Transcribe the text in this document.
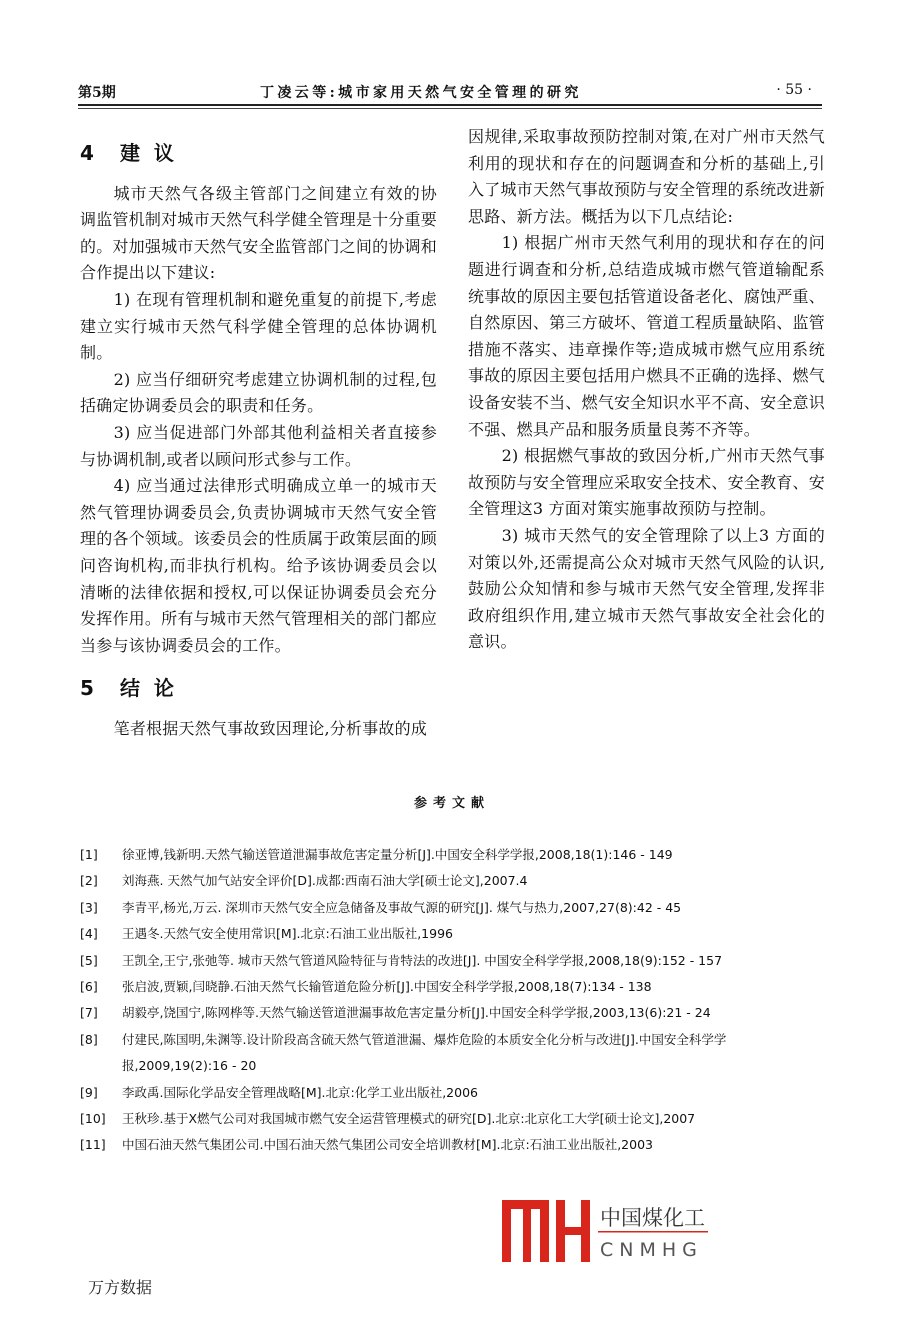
第5期	丁凌云等:城市家用天然气安全管理的研究	· 55 ·
4 建  议

城市天然气各级主管部门之间建立有效的协调监管机制对城市天然气科学健全管理是十分重要的。对加强城市天然气安全监管部门之间的协调和合作提出以下建议:

1) 在现有管理机制和避免重复的前提下,考虑建立实行城市天然气科学健全管理的总体协调机制。

2) 应当仔细研究考虑建立协调机制的过程,包括确定协调委员会的职责和任务。

3) 应当促进部门外部其他利益相关者直接参与协调机制,或者以顾问形式参与工作。

4) 应当通过法律形式明确成立单一的城市天然气管理协调委员会,负责协调城市天然气安全管理的各个领域。该委员会的性质属于政策层面的顾问咨询机构,而非执行机构。给予该协调委员会以清晰的法律依据和授权,可以保证协调委员会充分发挥作用。所有与城市天然气管理相关的部门都应当参与该协调委员会的工作。

5 结  论

笔者根据天然气事故致因理论,分析事故的成

因规律,采取事故预防控制对策,在对广州市天然气利用的现状和存在的问题调查和分析的基础上,引入了城市天然气事故预防与安全管理的系统改进新思路、新方法。概括为以下几点结论:

1) 根据广州市天然气利用的现状和存在的问题进行调查和分析,总结造成城市燃气管道输配系统事故的原因主要包括管道设备老化、腐蚀严重、自然原因、第三方破坏、管道工程质量缺陷、监管措施不落实、违章操作等;造成城市燃气应用系统事故的原因主要包括用户燃具不正确的选择、燃气设备安装不当、燃气安全知识水平不高、安全意识不强、燃具产品和服务质量良莠不齐等。

2) 根据燃气事故的致因分析,广州市天然气事故预防与安全管理应采取安全技术、安全教育、安全管理这3 方面对策实施事故预防与控制。

3) 城市天然气的安全管理除了以上3 方面的对策以外,还需提高公众对城市天然气风险的认识,鼓励公众知情和参与城市天然气安全管理,发挥非政府组织作用,建立城市天然气事故安全社会化的意识。

参考文献
[1]	徐亚博,钱新明.天然气输送管道泄漏事故危害定量分析[J].中国安全科学学报,2008,18(1):146 - 149
[2]	刘海燕. 天然气加气站安全评价[D].成都:西南石油大学[硕士论文],2007.4
[3]	李青平,杨光,万云. 深圳市天然气安全应急储备及事故气源的研究[J]. 煤气与热力,2007,27(8):42 - 45
[4]	王遇冬.天然气安全使用常识[M].北京:石油工业出版社,1996
[5]	王凯全,王宁,张弛等. 城市天然气管道风险特征与肯特法的改进[J]. 中国安全科学学报,2008,18(9):152 - 157
[6]	张启波,贾颖,闫晓静.石油天然气长输管道危险分析[J].中国安全科学学报,2008,18(7):134 - 138
[7]	胡毅亭,饶国宁,陈网桦等.天然气输送管道泄漏事故危害定量分析[J].中国安全科学学报,2003,13(6):21 - 24
[8]	付建民,陈国明,朱渊等.设计阶段高含硫天然气管道泄漏、爆炸危险的本质安全化分析与改进[J].中国安全科学学报,2009,19(2):16 - 20
[9]	李政禹.国际化学品安全管理战略[M].北京:化学工业出版社,2006
[10]	王秋珍.基于X燃气公司对我国城市燃气安全运营管理模式的研究[D].北京:北京化工大学[硕士论文],2007
[11]	中国石油天然气集团公司.中国石油天然气集团公司安全培训教材[M].北京:石油工业出版社,2003
中国煤化工
CNMHG
万方数据
